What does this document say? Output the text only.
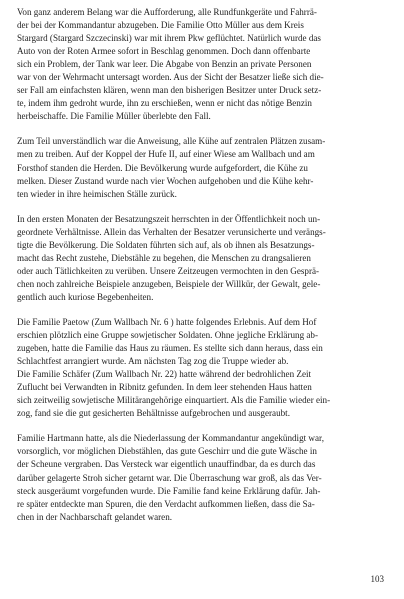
Von ganz anderem Belang war die Aufforderung, alle Rundfunkgeräte und Fahrrä-
der bei der Kommandantur abzugeben. Die Familie Otto Müller aus dem Kreis
Stargard (Stargard Szczecinski) war mit ihrem Pkw geflüchtet. Natürlich wurde das
Auto von der Roten Armee sofort in Beschlag genommen. Doch dann offenbarte
sich ein Problem, der Tank war leer. Die Abgabe von Benzin an private Personen
war von der Wehrmacht untersagt worden. Aus der Sicht der Besatzer ließe sich die-
ser Fall am einfachsten klären, wenn man den bisherigen Besitzer unter Druck setz-
te, indem ihm gedroht wurde, ihn zu erschießen, wenn er nicht das nötige Benzin
herbeischaffe. Die Familie Müller überlebte den Fall.

Zum Teil unverständlich war die Anweisung, alle Kühe auf zentralen Plätzen zusam-
men zu treiben. Auf der Koppel der Hufe II, auf einer Wiese am Wallbach und am
Forsthof standen die Herden. Die Bevölkerung wurde aufgefordert, die Kühe zu
melken. Dieser Zustand wurde nach vier Wochen aufgehoben und die Kühe kehr-
ten wieder in ihre heimischen Ställe zurück.

In den ersten Monaten der Besatzungszeit herrschten in der Öffentlichkeit noch un-
geordnete Verhältnisse. Allein das Verhalten der Besatzer verunsicherte und verängs-
tigte die Bevölkerung. Die Soldaten führten sich auf, als ob ihnen als Besatzungs-
macht das Recht zustehe, Diebstähle zu begehen, die Menschen zu drangsalieren
oder auch Tätlichkeiten zu verüben. Unsere Zeitzeugen vermochten in den Gesprä-
chen noch zahlreiche Beispiele anzugeben, Beispiele der Willkür, der Gewalt, gele-
gentlich auch kuriose Begebenheiten.

Die Familie Paetow (Zum Wallbach Nr. 6 ) hatte folgendes Erlebnis. Auf dem Hof
erschien plötzlich eine Gruppe sowjetischer Soldaten. Ohne jegliche Erklärung ab-
zugeben, hatte die Familie das Haus zu räumen. Es stellte sich dann heraus, dass ein
Schlachtfest arrangiert wurde. Am nächsten Tag zog die Truppe wieder ab.
Die Familie Schäfer (Zum Wallbach Nr. 22) hatte während der bedrohlichen Zeit
Zuflucht bei Verwandten in Ribnitz gefunden. In dem leer stehenden Haus hatten
sich zeitweilig sowjetische Militärangehörige einquartiert. Als die Familie wieder ein-
zog, fand sie die gut gesicherten Behältnisse aufgebrochen und ausgeraubt.

Familie Hartmann hatte, als die Niederlassung der Kommandantur angekündigt war,
vorsorglich, vor möglichen Diebstählen, das gute Geschirr und die gute Wäsche in
der Scheune vergraben. Das Versteck war eigentlich unauffindbar, da es durch das
darüber gelagerte Stroh sicher getarnt war. Die Überraschung war groß, als das Ver-
steck ausgeräumt vorgefunden wurde. Die Familie fand keine Erklärung dafür. Jah-
re später entdeckte man Spuren, die den Verdacht aufkommen ließen, dass die Sa-
chen in der Nachbarschaft gelandet waren.

103
